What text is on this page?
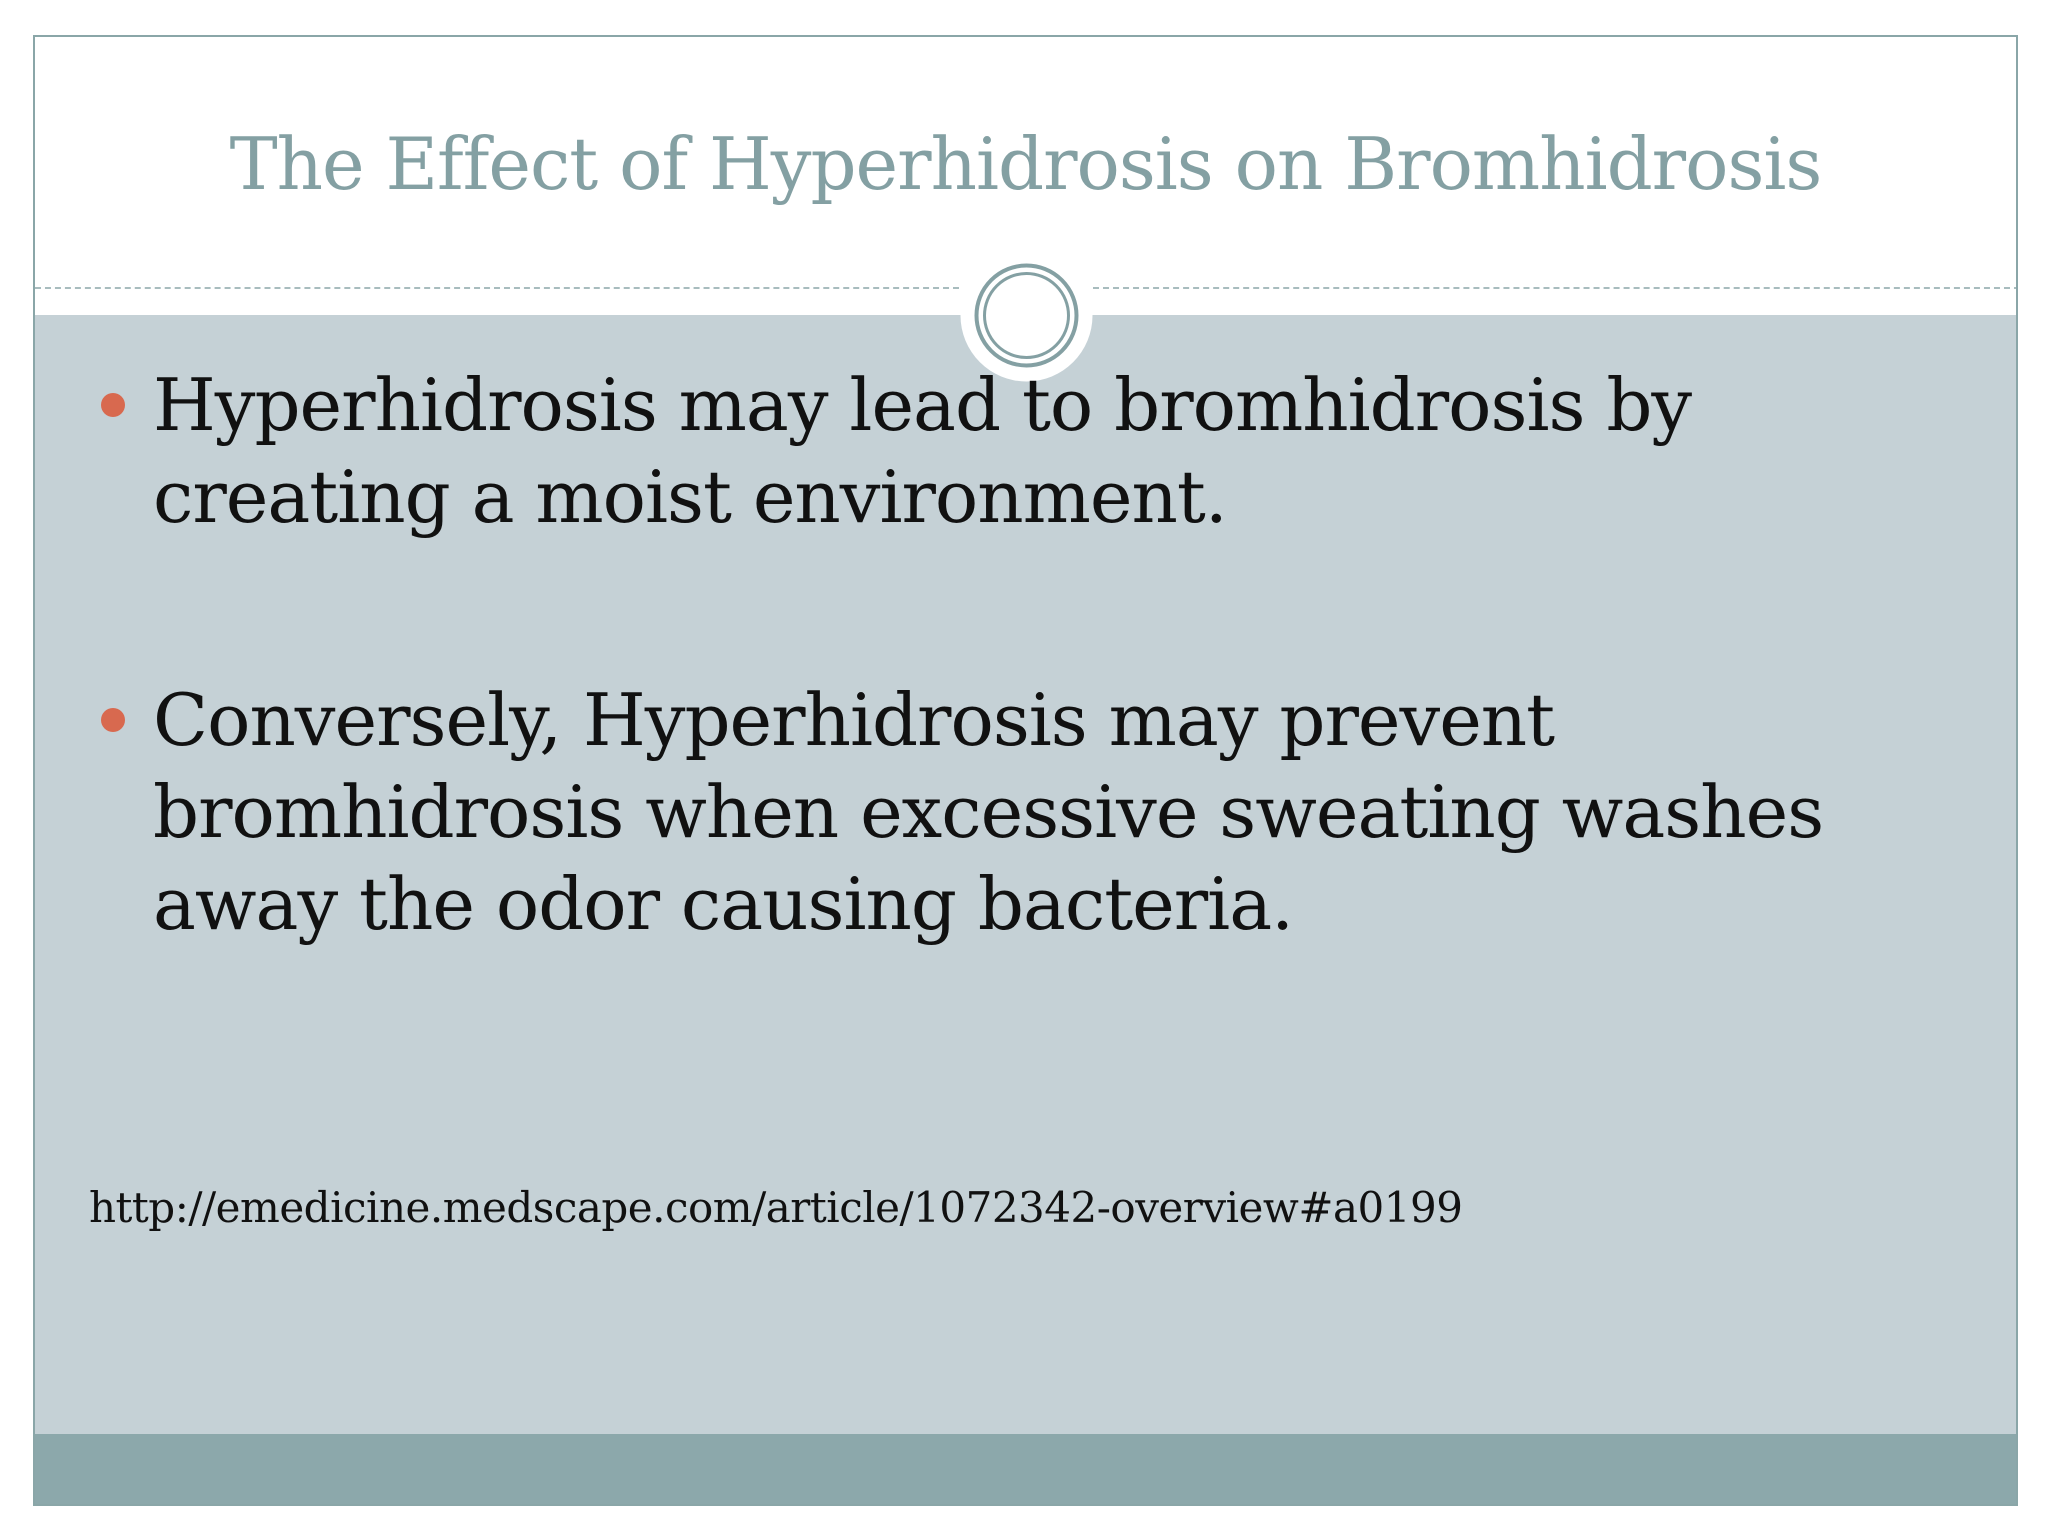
The Effect of Hyperhidrosis on Bromhidrosis
Hyperhidrosis may lead to bromhidrosis by creating a moist environment.
Conversely, Hyperhidrosis may prevent bromhidrosis when excessive sweating washes away the odor causing bacteria.
http://emedicine.medscape.com/article/1072342-overview#a0199
